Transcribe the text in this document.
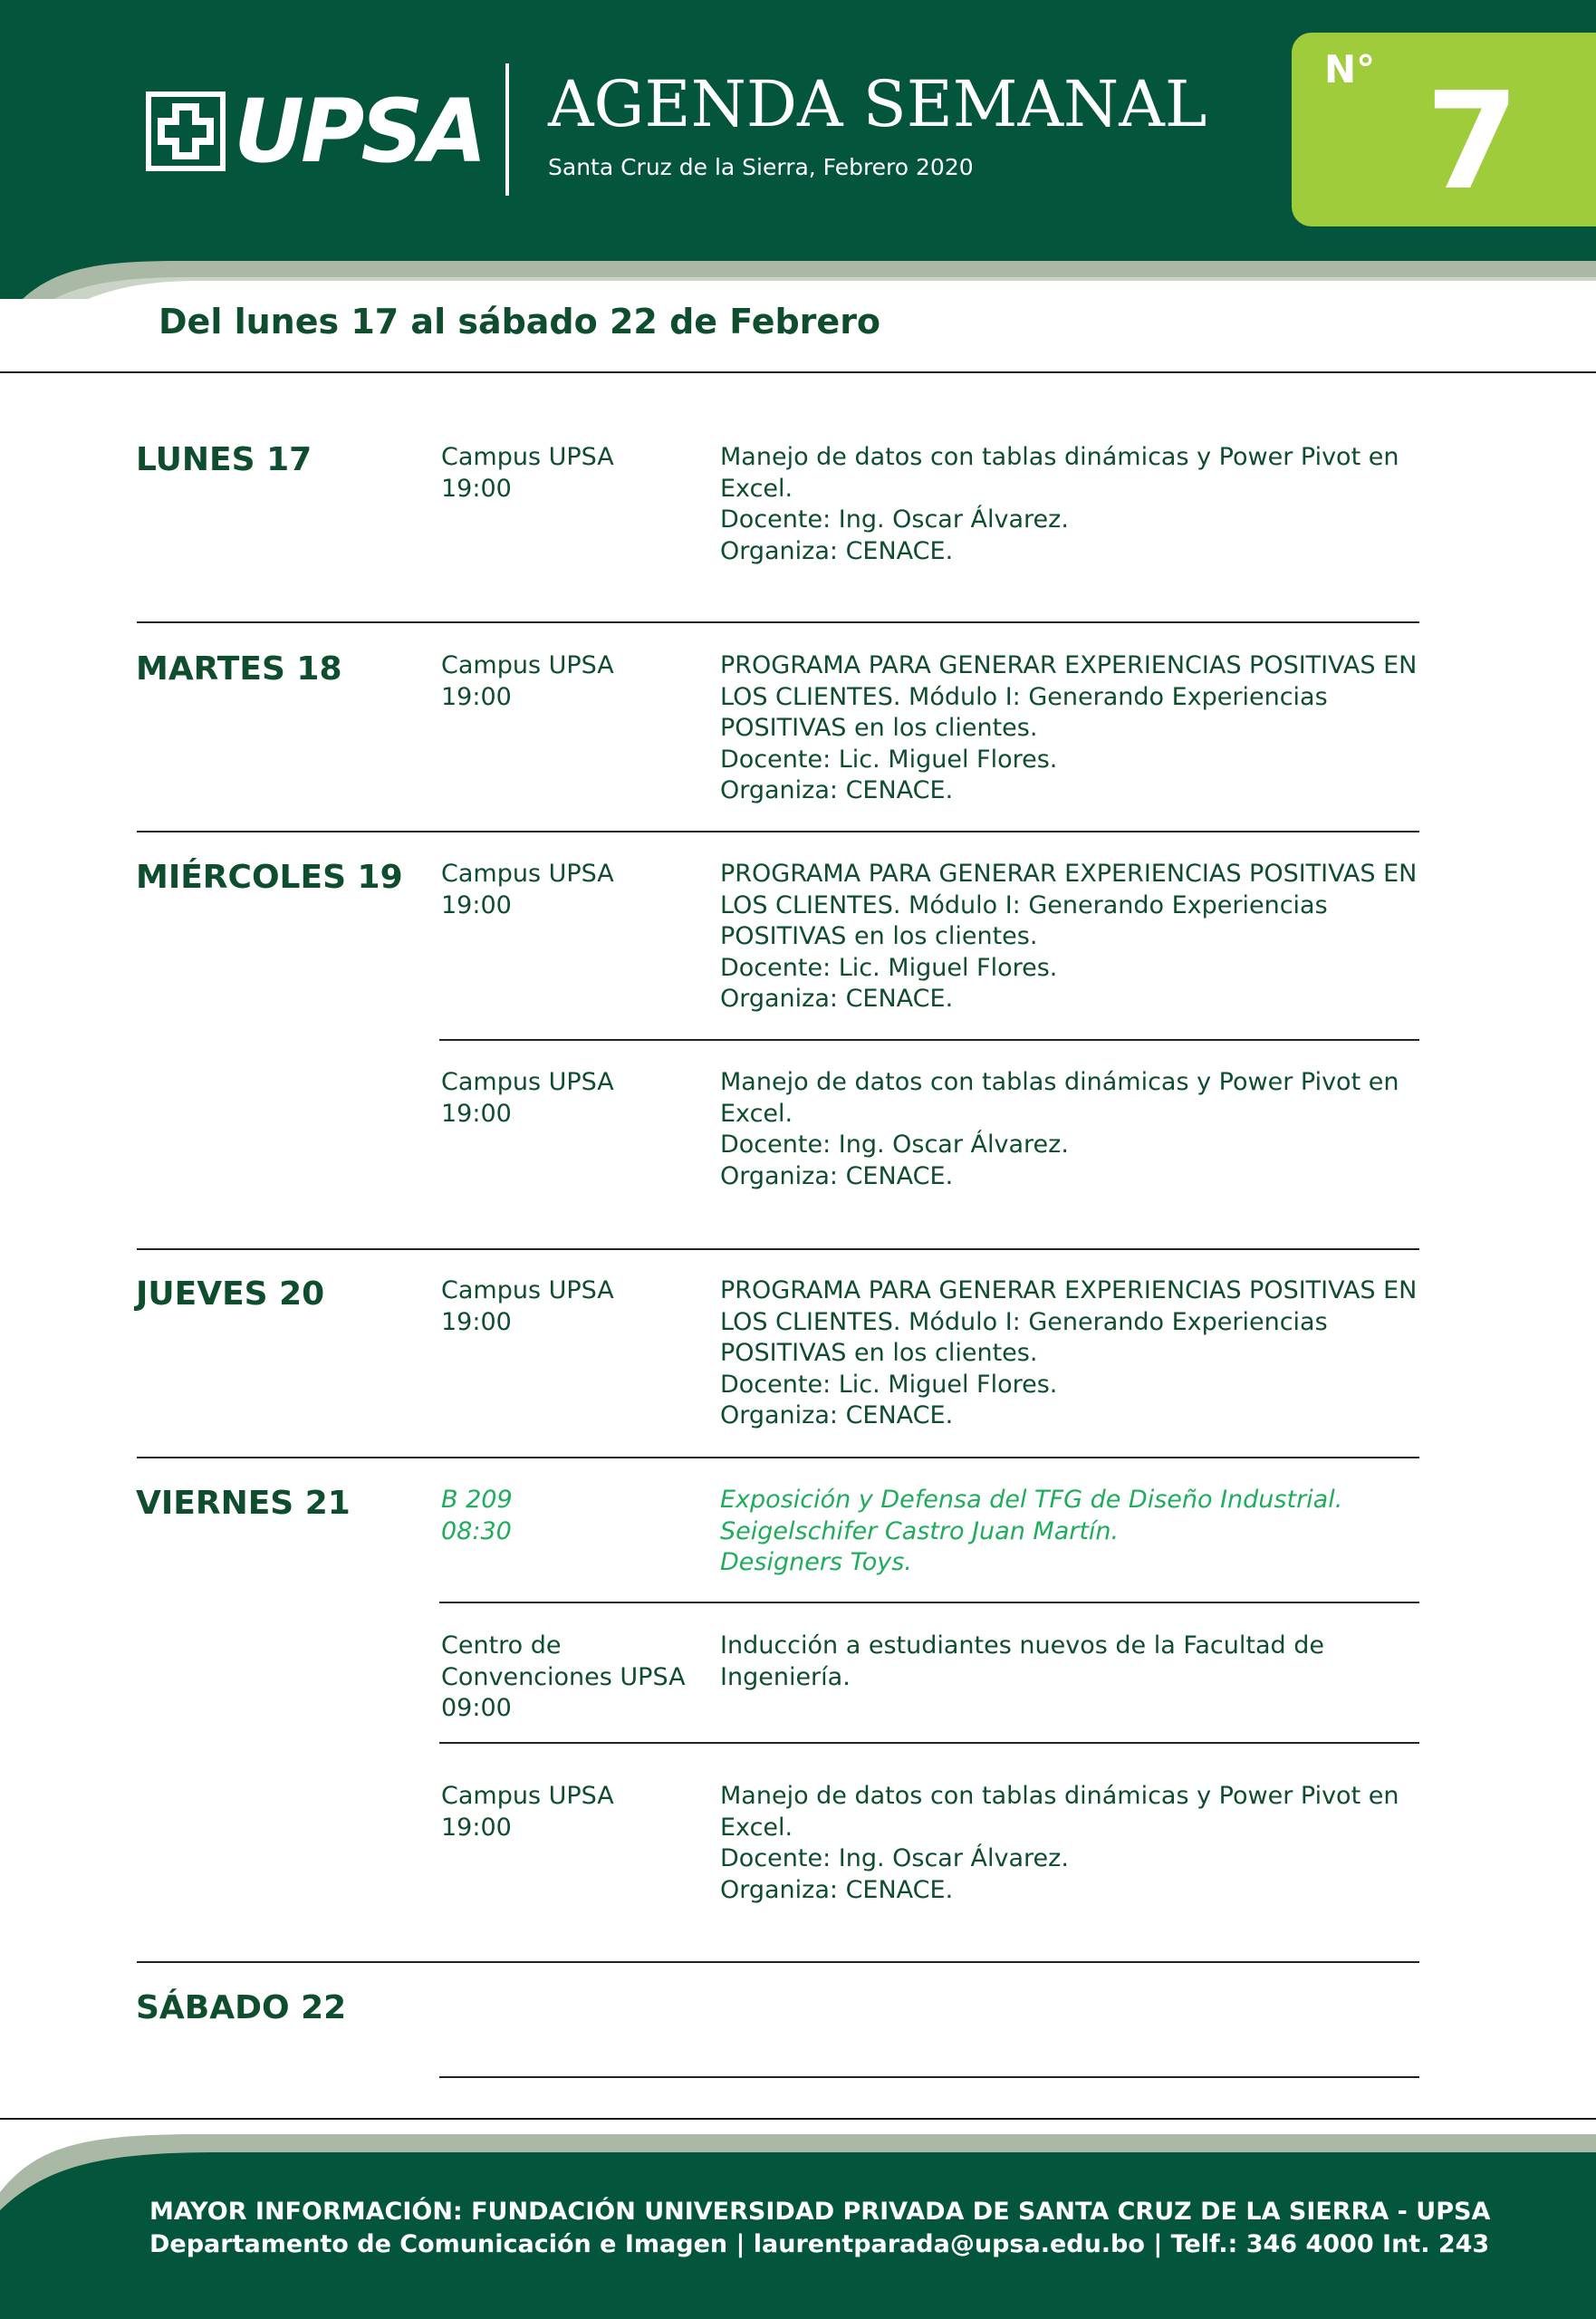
UPSA AGENDA SEMANAL
Santa Cruz de la Sierra, Febrero 2020
N° 7
Del lunes 17 al sábado 22 de Febrero
LUNES 17
MARTES 18
MIÉRCOLES 19
JUEVES 20
VIERNES 21
SÁBADO 22
Campus UPSA
19:00
Manejo de datos con tablas dinámicas y Power Pivot en Excel.
Docente: Ing. Oscar Álvarez.
Organiza: CENACE.
Campus UPSA
19:00
PROGRAMA PARA GENERAR EXPERIENCIAS POSITIVAS EN LOS CLIENTES. Módulo I: Generando Experiencias POSITIVAS en los clientes.
Docente: Lic. Miguel Flores.
Organiza: CENACE.
Campus UPSA
19:00
PROGRAMA PARA GENERAR EXPERIENCIAS POSITIVAS EN LOS CLIENTES. Módulo I: Generando Experiencias POSITIVAS en los clientes.
Docente: Lic. Miguel Flores.
Organiza: CENACE.
Campus UPSA
19:00
Manejo de datos con tablas dinámicas y Power Pivot en Excel.
Docente: Ing. Oscar Álvarez.
Organiza: CENACE.
Campus UPSA
19:00
PROGRAMA PARA GENERAR EXPERIENCIAS POSITIVAS EN LOS CLIENTES. Módulo I: Generando Experiencias POSITIVAS en los clientes.
Docente: Lic. Miguel Flores.
Organiza: CENACE.
B 209
08:30
Exposición y Defensa del TFG de Diseño Industrial.
Seigelschifer Castro Juan Martín.
Designers Toys.
Centro de
Convenciones UPSA
09:00
Inducción a estudiantes nuevos de la Facultad de Ingeniería.
Campus UPSA
19:00
Manejo de datos con tablas dinámicas y Power Pivot en Excel.
Docente: Ing. Oscar Álvarez.
Organiza: CENACE.
MAYOR INFORMACIÓN: FUNDACIÓN UNIVERSIDAD PRIVADA DE SANTA CRUZ DE LA SIERRA - UPSA
Departamento de Comunicación e Imagen | laurentparada@upsa.edu.bo | Telf.: 346 4000 Int. 243
